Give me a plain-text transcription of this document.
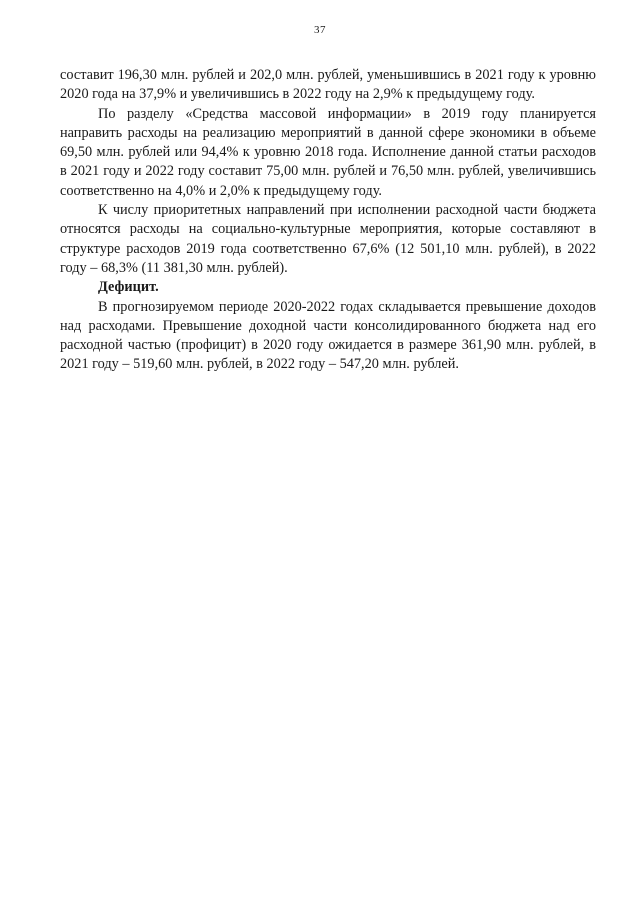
37

составит 196,30 млн. рублей и 202,0 млн. рублей, уменьшившись в 2021 году к уровню 2020 года на 37,9% и увеличившись в 2022 году на 2,9% к предыдущему году.

По разделу «Средства массовой информации» в 2019 году планируется направить расходы на реализацию мероприятий в данной сфере экономики в объеме 69,50 млн. рублей или 94,4% к уровню 2018 года. Исполнение данной статьи расходов в 2021 году и 2022 году составит 75,00 млн. рублей и 76,50 млн. рублей, увеличившись соответственно на 4,0% и 2,0% к предыдущему году.

К числу приоритетных направлений при исполнении расходной части бюджета относятся расходы на социально-культурные мероприятия, которые составляют в структуре расходов 2019 года соответственно 67,6% (12 501,10 млн. рублей), в 2022 году – 68,3% (11 381,30 млн. рублей).

Дефицит.

В прогнозируемом периоде 2020-2022 годах складывается превышение доходов над расходами. Превышение доходной части консолидированного бюджета над его расходной частью (профицит) в 2020 году ожидается в размере 361,90 млн. рублей, в 2021 году – 519,60 млн. рублей, в 2022 году – 547,20 млн. рублей.
